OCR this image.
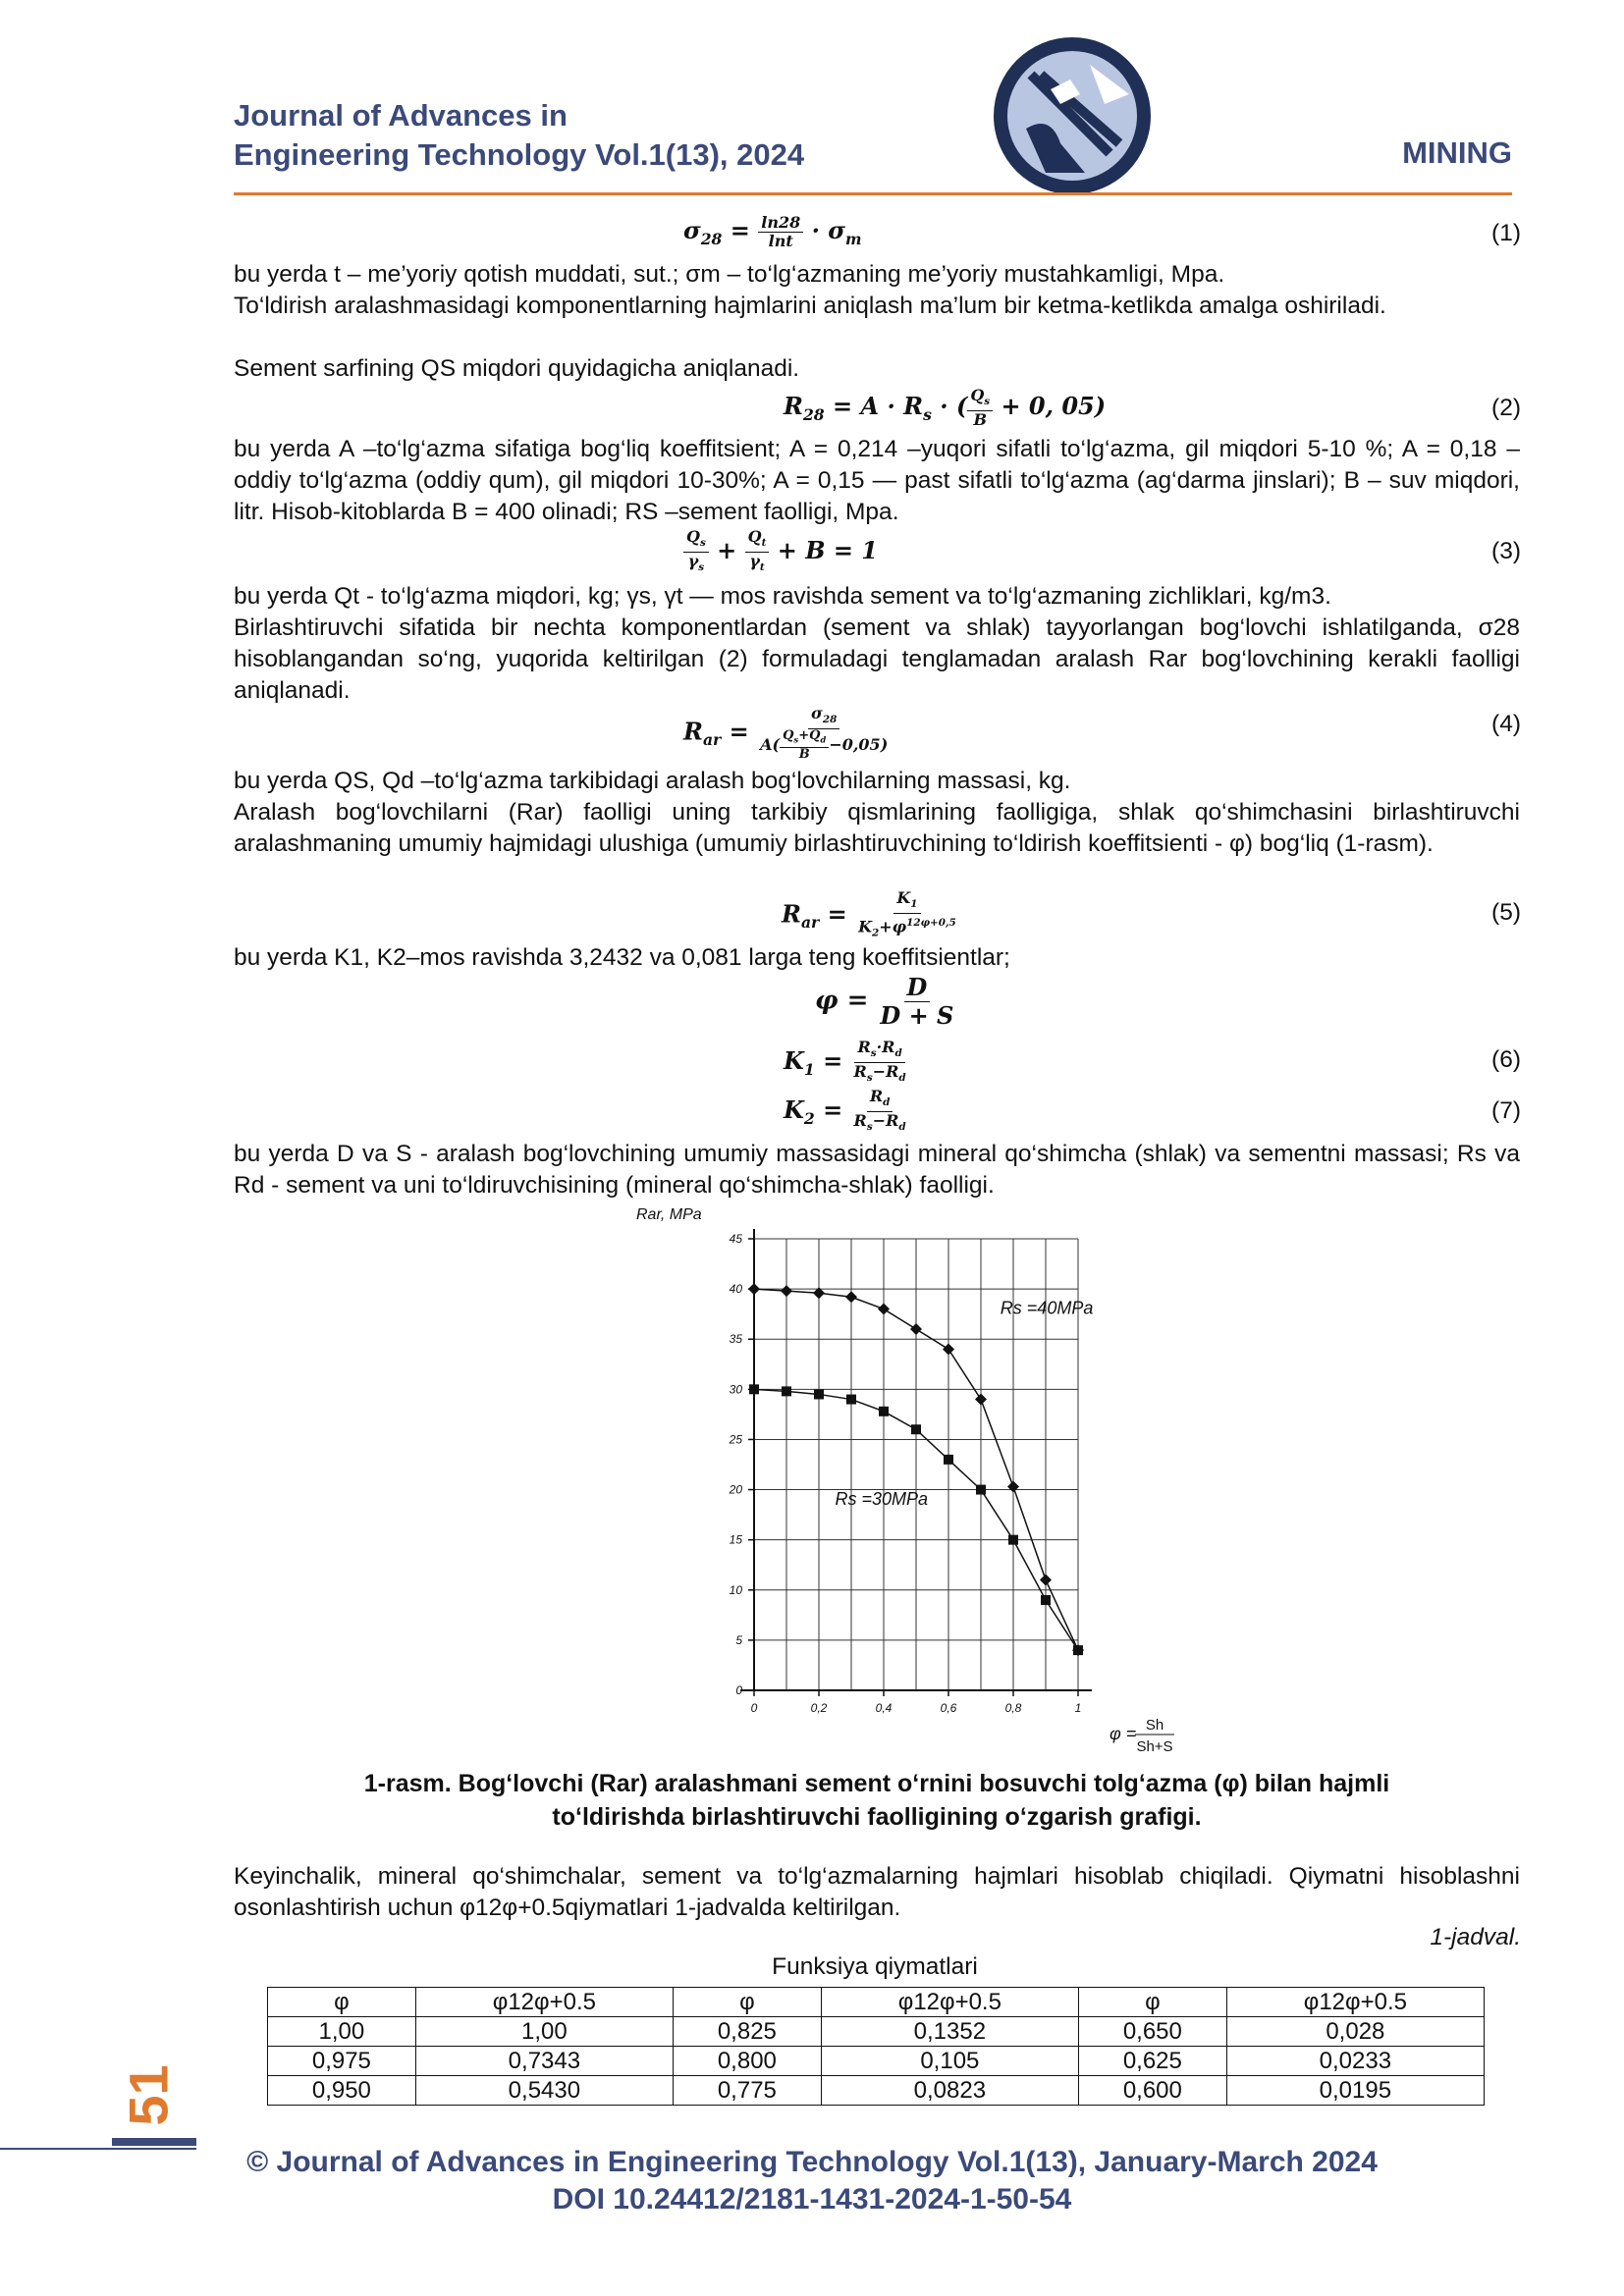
Journal of Advances in
Engineering Technology Vol.1(13), 2024	MINING
$\sigma_{28} = \frac{\ln 28}{\ln t} \cdot \sigma_m$	(1)
bu yerda t – me’yoriy qotish muddati, sut.; σm – to‘lg‘azmaning me’yoriy mustahkamligi, Mpa.
To‘ldirish aralashmasidagi komponentlarning hajmlarini aniqlash ma’lum bir ketma-ketlikda amalga oshiriladi.
Sement sarfining QS miqdori quyidagicha aniqlanadi.
$R_{28} = A \cdot R_s$ · ( $\frac{Q_s}{B} + 0$, 05)	(2)
bu yerda A –to‘lg‘azma sifatiga bog‘liq koeffitsient; A = 0,214 –yuqori sifatli to‘lg‘azma, gil miqdori 5-10 %; A = 0,18 – oddiy to‘lg‘azma (oddiy qum), gil miqdori 10-30%; A = 0,15 — past sifatli to‘lg‘azma (ag‘darma jinslari); B – suv miqdori, litr. Hisob-kitoblarda B = 400 olinadi; RS –sement faolligi, Mpa.
$\frac{Q_s}{\gamma_s} + \frac{Q_t}{\gamma_t} + B = 1$	(3)
bu yerda Qt - to‘lg‘azma miqdori, kg; γs, γt — mos ravishda sement va to‘lg‘azmaning zichliklari, kg/m3.
Birlashtiruvchi sifatida bir nechta komponentlardan (sement va shlak) tayyorlangan bog‘lovchi ishlatilganda, σ28 hisoblangandan so‘ng, yuqorida keltirilgan (2) formuladagi tenglamadan aralash Rar bog‘lovchining kerakli faolligi aniqlanadi.
$R_{ar} = \frac{\sigma_{28}}{A( \frac{Q_s+Q_d}{B} -0,05)}$	(4)
bu yerda QS, Qd –to‘lg‘azma tarkibidagi aralash bog‘lovchilarning massasi, kg.
Aralash bog‘lovchilarni (Rar) faolligi uning tarkibiy qismlarining faolligiga, shlak qo‘shimchasini birlashtiruvchi aralashmaning umumiy hajmidagi ulushiga (umumiy birlashtiruvchining to‘ldirish koeffitsienti - φ) bog‘liq (1-rasm).
$R_{ar} = \frac{K_1}{K_2+\varphi^{12\varphi+0,5}}$	(5)
bu yerda K1, K2–mos ravishda 3,2432 va 0,081 larga teng koeffitsientlar;
$\varphi = \frac{D}{D + S}$
$K_1 = \frac{R_s\cdot R_d}{R_s-R_d}$	(6)
$K_2 = \frac{R_d}{R_s-R_d}$	(7)
bu yerda D va S - aralash bog‘lovchining umumiy massasidagi mineral qo‘shimcha (shlak) va sementni massasi; Rs va Rd - sement va uni to‘ldiruvchisining (mineral qo‘shimcha-shlak) faolligi.
0
5
10
15
20
25
30
35
40
45
0	0,2	0,4	0,6	0,8	1
Rar, MPa
φ = Sh
Sh+S
Rs =40MPa
Rs =30MPa
1-rasm. Bog‘lovchi (Rar) aralashmani sement o‘rnini bosuvchi tolg‘azma (φ) bilan hajmli
to‘ldirishda birlashtiruvchi faolligining o‘zgarish grafigi.
Keyinchalik, mineral qo‘shimchalar, sement va to‘lg‘azmalarning hajmlari hisoblab chiqiladi. Qiymatni hisoblashni osonlashtirish uchun φ12φ+0.5qiymatlari 1-jadvalda keltirilgan.
1-jadval.
Funksiya qiymatlari
φ	φ12φ+0.5	φ	φ12φ+0.5	φ	φ12φ+0.5
1,00	1,00	0,825	0,1352	0,650	0,028
0,975	0,7343	0,800	0,105	0,625	0,0233
0,950	0,5430	0,775	0,0823	0,600	0,0195
51
© Journal of Advances in Engineering Technology Vol.1(13), January-March 2024
DOI 10.24412/2181-1431-2024-1-50-54
